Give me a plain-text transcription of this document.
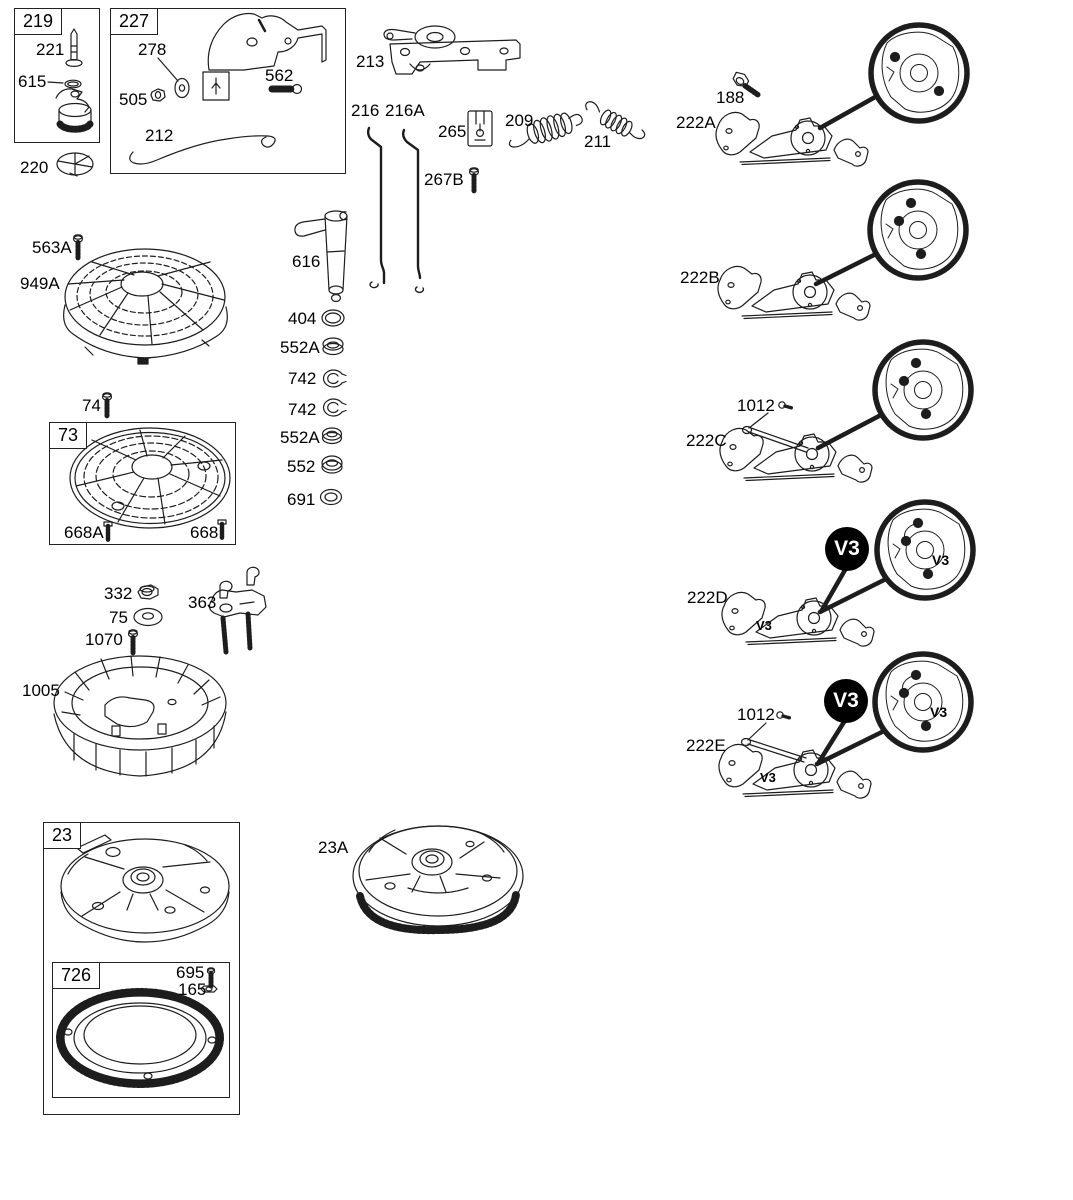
219	227
73
23
726
221
615
220
278
505
562
212
213
216 216A
265
209
211
267B
188
222A
222B
1012
222C
222D
1012
222E
563A
949A
616
404
552A
742
742
552A
552
691
74
668A	668
332
75
1070
363
1005
23A
695
165
V3
V3
V3
V3
V3
V3
